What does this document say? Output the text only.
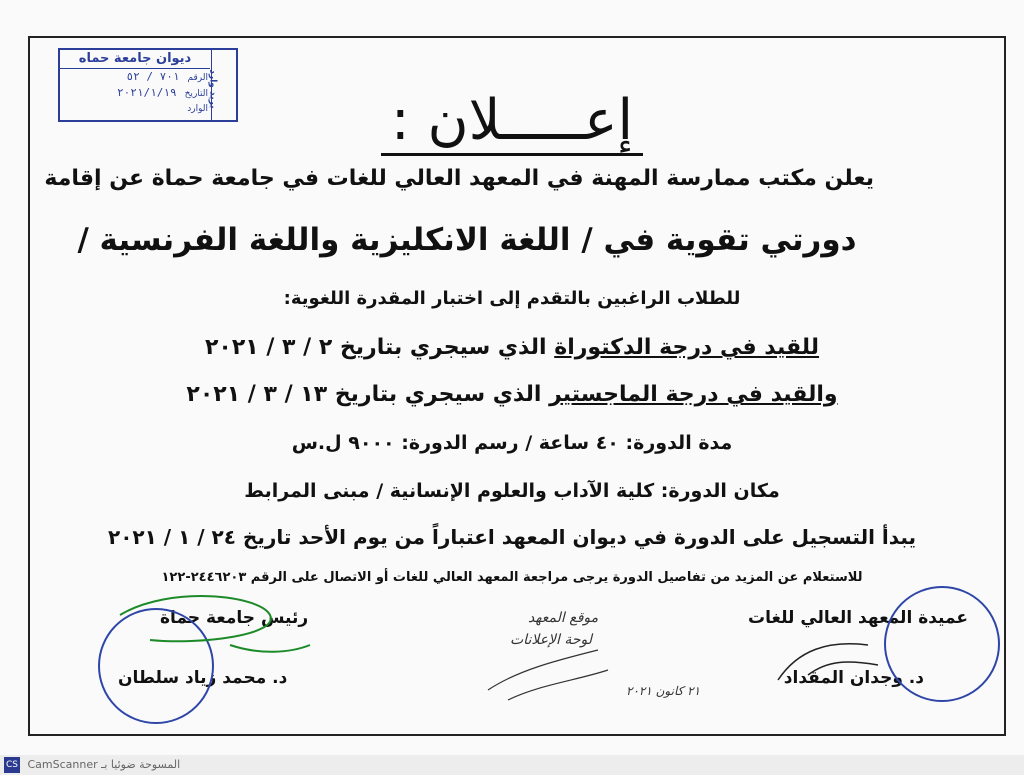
بريد وارد
ديوان جامعة حماه
الرقم٧٠١ / ٥٢
التاريخ٢٠٢١/١/١٩
الوارد	إعـــــلان :
يعلن مكتب ممارسة المهنة في المعهد العالي للغات في جامعة حماة عن إقامة
دورتي تقوية في / اللغة الانكليزية واللغة الفرنسية /
للطلاب الراغبين بالتقدم إلى اختبار المقدرة اللغوية:
للقيد في درجة الدكتوراة الذي سيجري بتاريخ ٢ / ٣ / ٢٠٢١
والقيد في درجة الماجستير الذي سيجري بتاريخ ١٣ / ٣ / ٢٠٢١
مدة الدورة: ٤٠ ساعة / رسم الدورة: ٩٠٠٠ ل.س
مكان الدورة: كلية الآداب والعلوم الإنسانية / مبنى المرابط
يبدأ التسجيل على الدورة في ديوان المعهد اعتباراً من يوم الأحد تاريخ ٢٤ / ١ / ٢٠٢١
للاستعلام عن المزيد من تفاصيل الدورة يرجى مراجعة المعهد العالي للغات أو الاتصال على الرقم ٢٤٤٦٢٠٣-١٢٢
عميدة المعهد العالي للغات
د. وجدان المقداد
رئيس جامعة حماة
د. محمد زياد سلطان
موقع المعهد
لوحة الإعلانات
٢١ كانون ٢٠٢١
CS CamScanner المسوحة ضوئيا بـ
